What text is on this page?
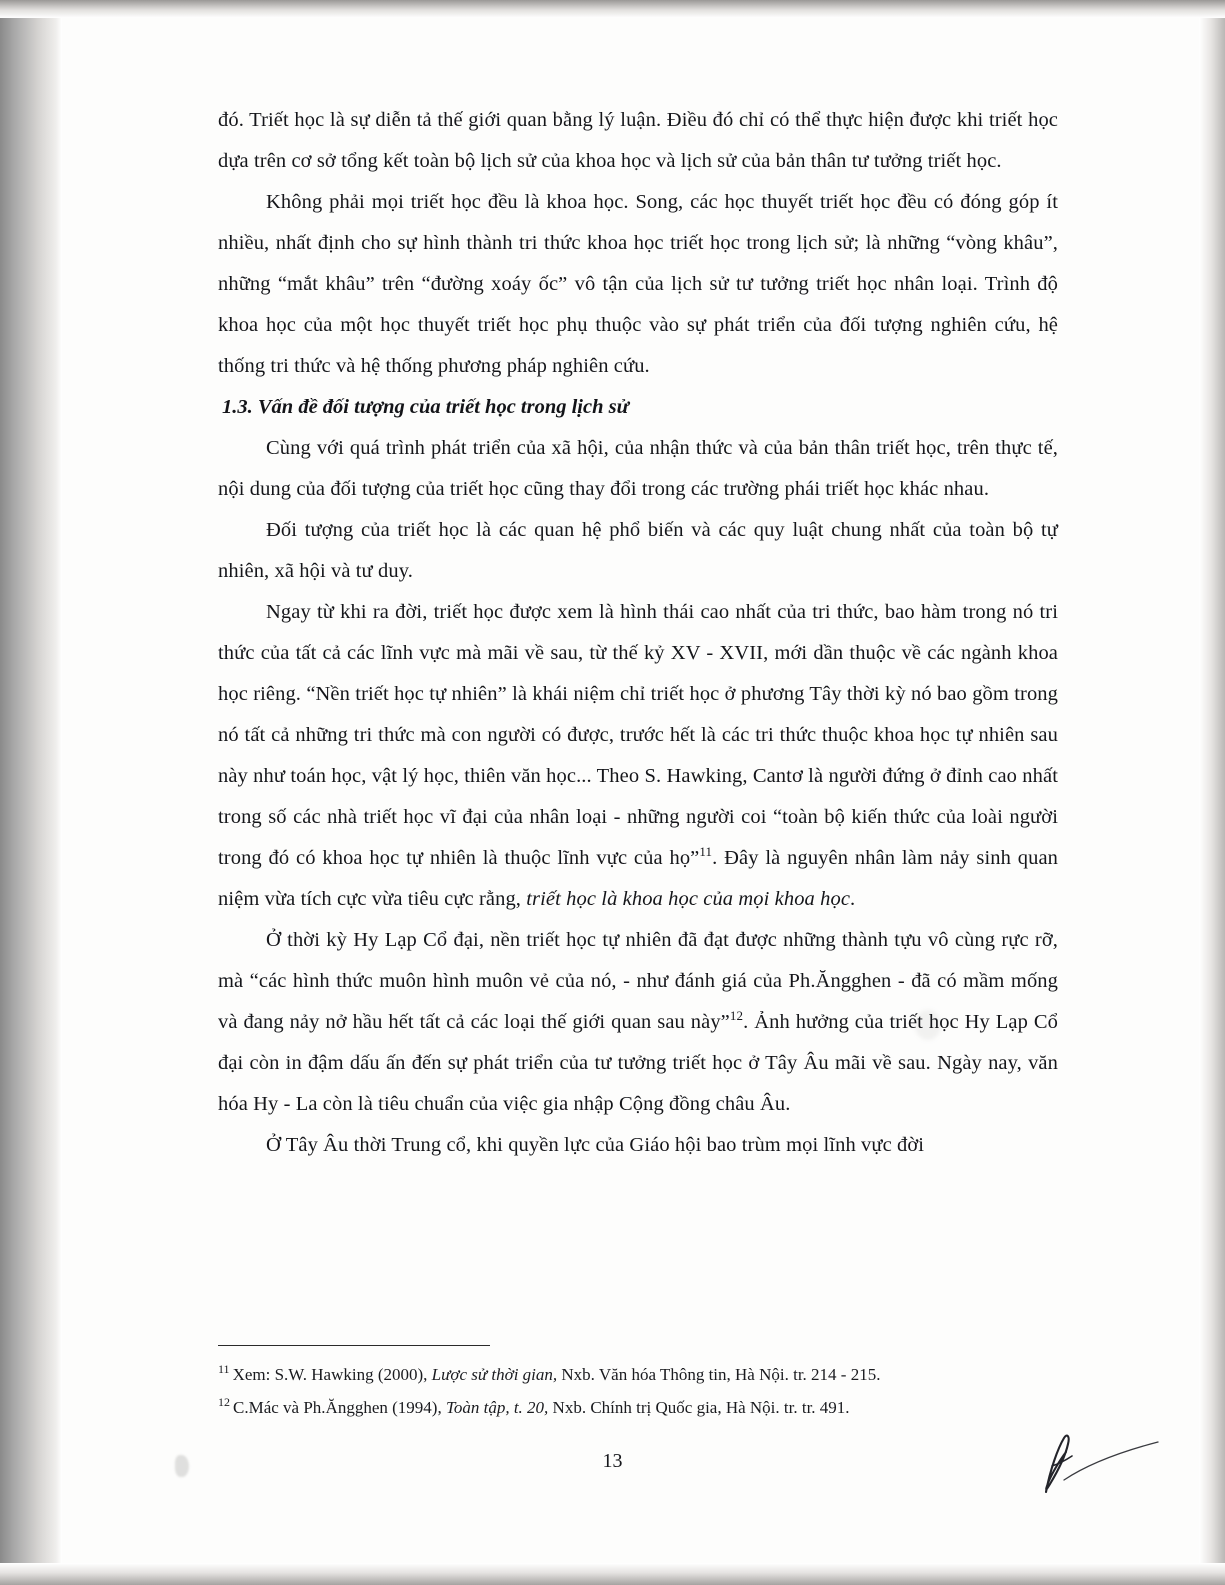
đó. Triết học là sự diễn tả thế giới quan bằng lý luận. Điều đó chỉ có thể thực hiện được khi triết học dựa trên cơ sở tổng kết toàn bộ lịch sử của khoa học và lịch sử của bản thân tư tưởng triết học.

Không phải mọi triết học đều là khoa học. Song, các học thuyết triết học đều có đóng góp ít nhiều, nhất định cho sự hình thành tri thức khoa học triết học trong lịch sử; là những “vòng khâu”, những “mắt khâu” trên “đường xoáy ốc” vô tận của lịch sử tư tưởng triết học nhân loại. Trình độ khoa học của một học thuyết triết học phụ thuộc vào sự phát triển của đối tượng nghiên cứu, hệ thống tri thức và hệ thống phương pháp nghiên cứu.

1.3. Vấn đề đối tượng của triết học trong lịch sử

Cùng với quá trình phát triển của xã hội, của nhận thức và của bản thân triết học, trên thực tế, nội dung của đối tượng của triết học cũng thay đổi trong các trường phái triết học khác nhau.

Đối tượng của triết học là các quan hệ phổ biến và các quy luật chung nhất của toàn bộ tự nhiên, xã hội và tư duy.

Ngay từ khi ra đời, triết học được xem là hình thái cao nhất của tri thức, bao hàm trong nó tri thức của tất cả các lĩnh vực mà mãi về sau, từ thế kỷ XV - XVII, mới dần thuộc về các ngành khoa học riêng. “Nền triết học tự nhiên” là khái niệm chỉ triết học ở phương Tây thời kỳ nó bao gồm trong nó tất cả những tri thức mà con người có được, trước hết là các tri thức thuộc khoa học tự nhiên sau này như toán học, vật lý học, thiên văn học... Theo S. Hawking, Cantơ là người đứng ở đỉnh cao nhất trong số các nhà triết học vĩ đại của nhân loại - những người coi “toàn bộ kiến thức của loài người trong đó có khoa học tự nhiên là thuộc lĩnh vực của họ”$^{11}$. Đây là nguyên nhân làm nảy sinh quan niệm vừa tích cực vừa tiêu cực rằng, triết học là khoa học của mọi khoa học.

Ở thời kỳ Hy Lạp Cổ đại, nền triết học tự nhiên đã đạt được những thành tựu vô cùng rực rỡ, mà “các hình thức muôn hình muôn vẻ của nó, - như đánh giá của Ph.Ăngghen - đã có mầm mống và đang nảy nở hầu hết tất cả các loại thế giới quan sau này”$^{12}$. Ảnh hưởng của triết học Hy Lạp Cổ đại còn in đậm dấu ấn đến sự phát triển của tư tưởng triết học ở Tây Âu mãi về sau. Ngày nay, văn hóa Hy - La còn là tiêu chuẩn của việc gia nhập Cộng đồng châu Âu.

Ở Tây Âu thời Trung cổ, khi quyền lực của Giáo hội bao trùm mọi lĩnh vực đời

$^{11}$ Xem: S.W. Hawking (2000), Lược sử thời gian, Nxb. Văn hóa Thông tin, Hà Nội. tr. 214 - 215.

$^{12}$ C.Mác và Ph.Ăngghen (1994), Toàn tập, t. 20, Nxb. Chính trị Quốc gia, Hà Nội. tr. tr. 491.

13
